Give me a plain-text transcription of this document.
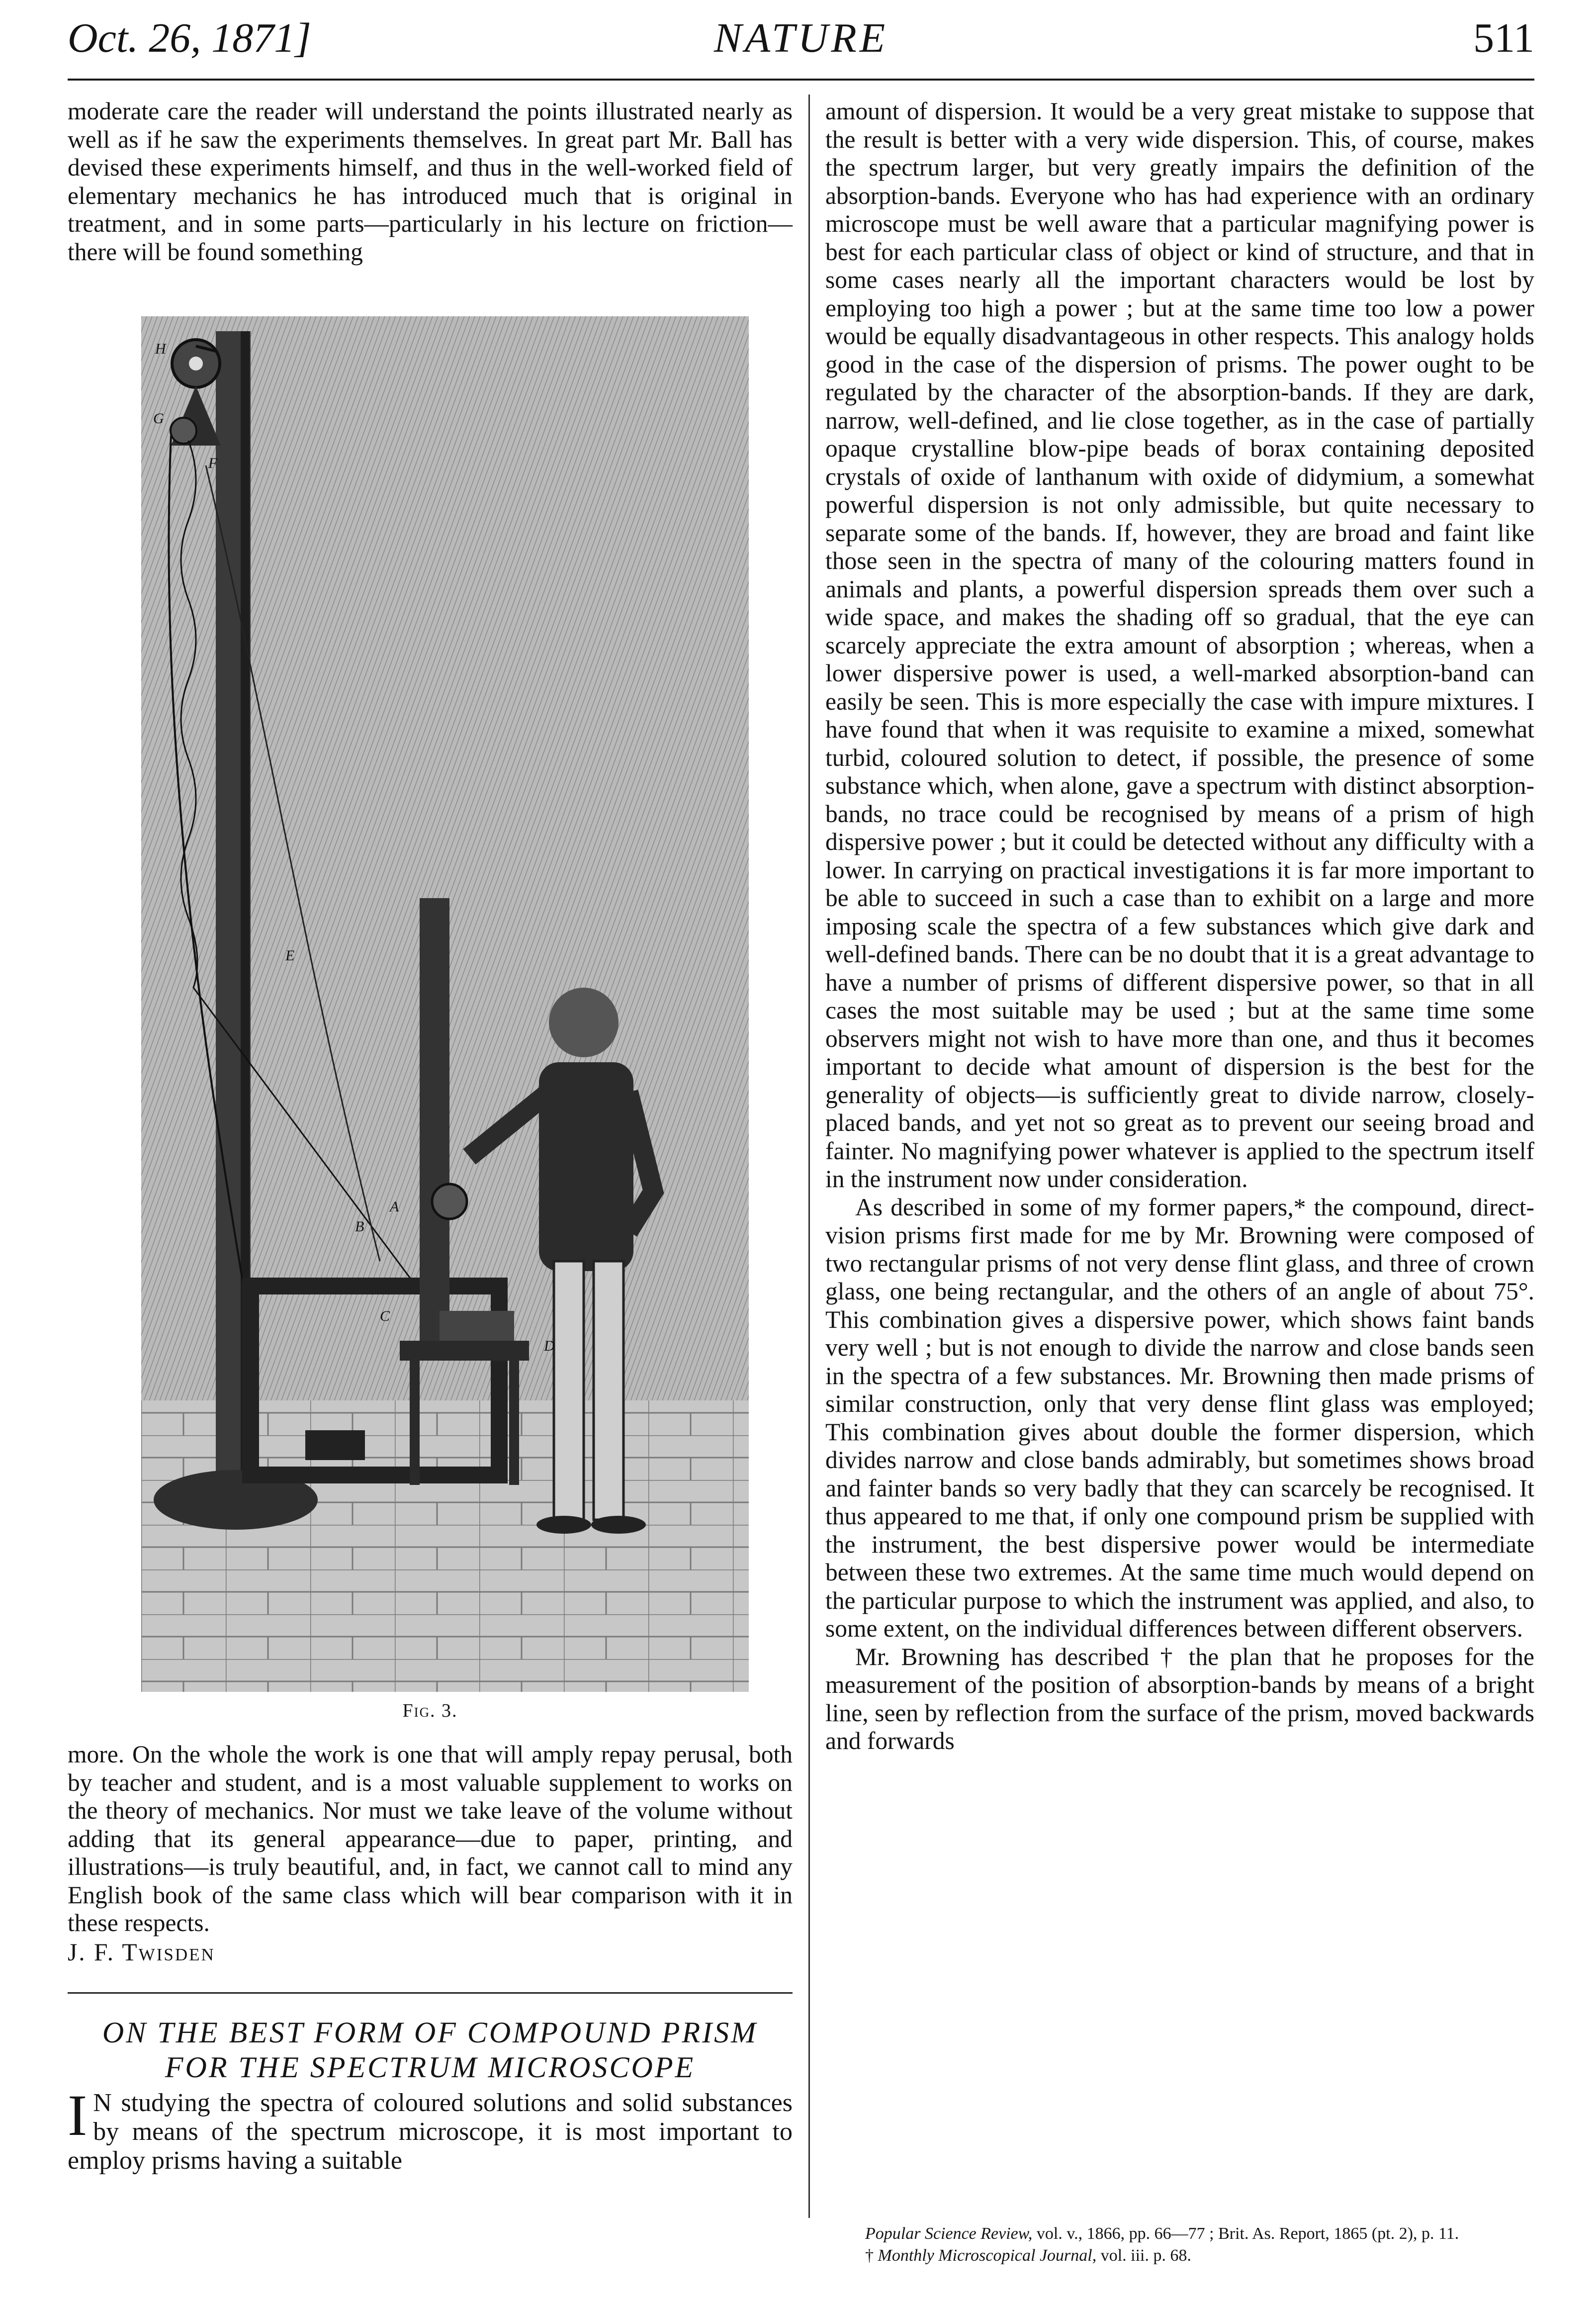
Oct. 26, 1871]	NATURE	511

moderate care the reader will understand the points illustrated nearly as well as if he saw the experiments themselves. In great part Mr. Ball has devised these experiments himself, and thus in the well-worked field of elementary mechanics he has introduced much that is original in treatment, and in some parts—particularly in his lecture on friction—there will be found something

H
G
F
E
B
A
C
D
Fig. 3.

more. On the whole the work is one that will amply repay perusal, both by teacher and student, and is a most valuable supplement to works on the theory of mechanics. Nor must we take leave of the volume without adding that its general appearance—due to paper, printing, and illustrations—is truly beautiful, and, in fact, we cannot call to mind any English book of the same class which will bear comparison with it in these respects.

J. F. Twisden

ON THE BEST FORM OF COMPOUND PRISM
FOR THE SPECTRUM MICROSCOPE

I N studying the spectra of coloured solutions and solid substances by means of the spectrum microscope, it is most important to employ prisms having a suitable

amount of dispersion. It would be a very great mistake to suppose that the result is better with a very wide dispersion. This, of course, makes the spectrum larger, but very greatly impairs the definition of the absorption-bands. Everyone who has had experience with an ordinary microscope must be well aware that a particular magnifying power is best for each particular class of object or kind of structure, and that in some cases nearly all the important characters would be lost by employing too high a power ; but at the same time too low a power would be equally disadvantageous in other respects. This analogy holds good in the case of the dispersion of prisms. The power ought to be regulated by the character of the absorption-bands. If they are dark, narrow, well-defined, and lie close together, as in the case of partially opaque crystalline blow-pipe beads of borax containing deposited crystals of oxide of lanthanum with oxide of didymium, a somewhat powerful dispersion is not only admissible, but quite necessary to separate some of the bands. If, however, they are broad and faint like those seen in the spectra of many of the colouring matters found in animals and plants, a powerful dispersion spreads them over such a wide space, and makes the shading off so gradual, that the eye can scarcely appreciate the extra amount of absorption ; whereas, when a lower dispersive power is used, a well-marked absorption-band can easily be seen. This is more especially the case with impure mixtures. I have found that when it was requisite to examine a mixed, somewhat turbid, coloured solution to detect, if possible, the presence of some substance which, when alone, gave a spectrum with distinct absorption-bands, no trace could be recognised by means of a prism of high dispersive power ; but it could be detected without any difficulty with a lower. In carrying on practical investigations it is far more important to be able to succeed in such a case than to exhibit on a large and more imposing scale the spectra of a few substances which give dark and well-defined bands. There can be no doubt that it is a great advantage to have a number of prisms of different dispersive power, so that in all cases the most suitable may be used ; but at the same time some observers might not wish to have more than one, and thus it becomes important to decide what amount of dispersion is the best for the generality of objects—is sufficiently great to divide narrow, closely-placed bands, and yet not so great as to prevent our seeing broad and fainter. No magnifying power whatever is applied to the spectrum itself in the instrument now under consideration.

As described in some of my former papers,* the compound, direct-vision prisms first made for me by Mr. Browning were composed of two rectangular prisms of not very dense flint glass, and three of crown glass, one being rectangular, and the others of an angle of about 75°. This combination gives a dispersive power, which shows faint bands very well ; but is not enough to divide the narrow and close bands seen in the spectra of a few substances. Mr. Browning then made prisms of similar construction, only that very dense flint glass was employed; This combination gives about double the former dispersion, which divides narrow and close bands admirably, but sometimes shows broad and fainter bands so very badly that they can scarcely be recognised. It thus appeared to me that, if only one compound prism be supplied with the instrument, the best dispersive power would be intermediate between these two extremes. At the same time much would depend on the particular purpose to which the instrument was applied, and also, to some extent, on the individual differences between different observers.

Mr. Browning has described † the plan that he proposes for the measurement of the position of absorption-bands by means of a bright line, seen by reflection from the surface of the prism, moved backwards and forwards

Popular Science Review, vol. v., 1866, pp. 66—77 ; Brit. As. Report, 1865 (pt. 2), p. 11.

† Monthly Microscopical Journal, vol. iii. p. 68.
